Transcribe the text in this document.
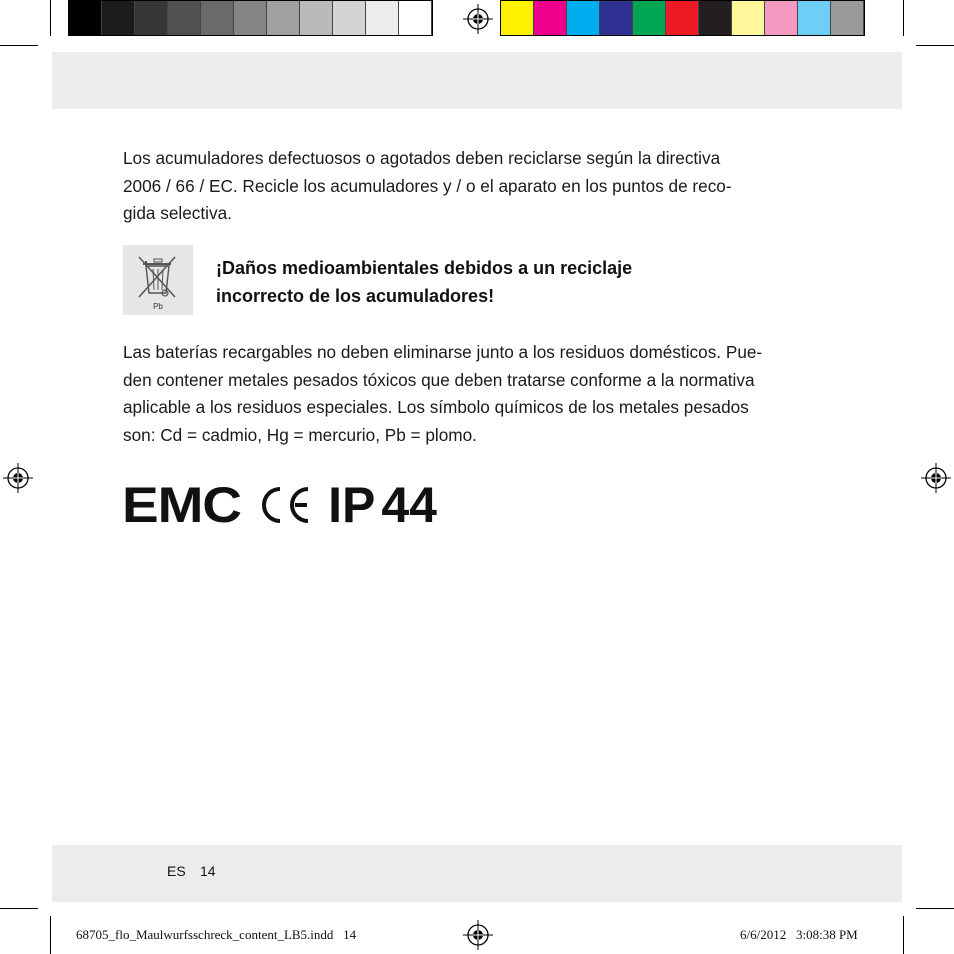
Los acumuladores defectuosos o agotados deben reciclarse según la directiva
2006 / 66 / EC. Recicle los acumuladores y / o el aparato en los puntos de reco-
gida selectiva.
Pb
¡Daños medioambientales debidos a un reciclaje
incorrecto de los acumuladores!
Las baterías recargables no deben eliminarse junto a los residuos domésticos. Pue-
den contener metales pesados tóxicos que deben tratarse conforme a la normativa
aplicable a los residuos especiales. Los símbolo químicos de los metales pesados
son: Cd = cadmio, Hg = mercurio, Pb = plomo.
EMC IP 44
ES 14
68705_flo_Maulwurfsschreck_content_LB5.indd   14	6/6/2012   3:08:38 PM
